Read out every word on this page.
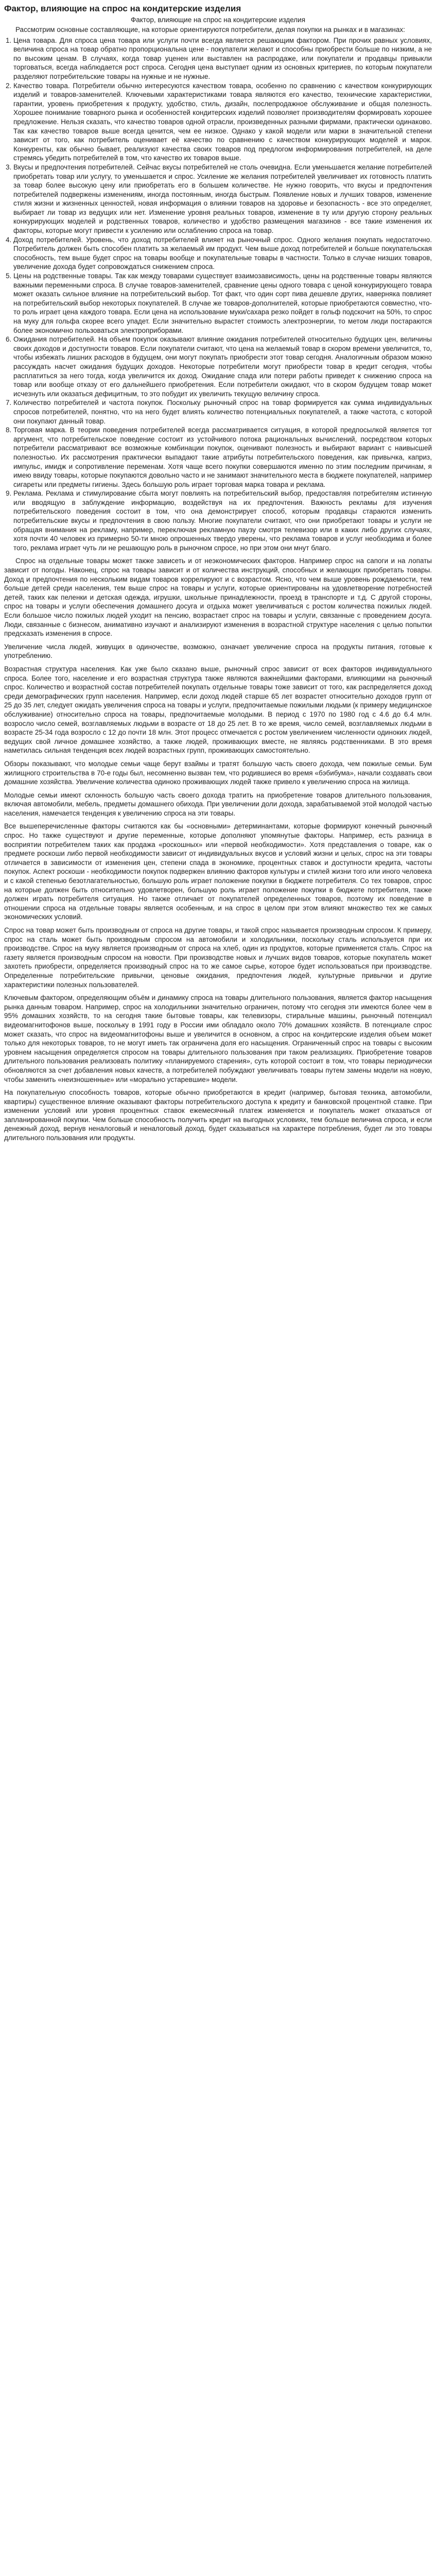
Фактор, влияющие на спрос на кондитерские изделия
Фактор, влияющие на спрос на кондитерские изделия

Рассмотрим основные составляющие, на которые ориентируются потребители, делая покупки на рынках и в магазинах:

1. Цена товара. Для спроса цена товара или услуги почти всегда является решающим фактором. При прочих равных условиях, величина спроса на товар обратно пропорциональна цене - покупатели желают и способны приобрести больше по низким, а не по высоким ценам. В случаях, когда товар уценен или выставлен на распродаже, или покупатели и продавцы привыкли торговаться, всегда наблюдается рост спроса. Сегодня цена выступает одним из основных критериев, по которым покупатели разделяют потребительские товары на нужные и не нужные.
2. Качество товара. Потребители обычно интересуются качеством товара, особенно по сравнению с качеством конкурирующих изделий и товаров-заменителей. Ключевыми характеристиками товара являются его качество, технические характеристики, гарантии, уровень приобретения к продукту, удобство, стиль, дизайн, послепродажное обслуживание и общая полезность. Хорошее понимание товарного рынка и особенностей кондитерских изделий позволяет производителям формировать хорошее предложение. Нельзя сказать, что качество товаров одной отрасли, произведенных разными фирмами, практически одинаково. Так как качество товаров выше всегда ценится, чем ее низкое. Однако у какой модели или марки в значительной степени зависит от того, как потребитель оценивает её качество по сравнению с качеством конкурирующих моделей и марок. Конкуренты, как обычно бывает, реализуют качества своих товаров под предлогом информирования потребителей, на деле стремясь убедить потребителей в том, что качество их товаров выше.
3. Вкусы и предпочтения потребителей. Сейчас вкусы потребителей не столь очевидна. Если уменьшается желание потребителей приобретать товар или услугу, то уменьшается и спрос. Усиление же желания потребителей увеличивает их готовность платить за товар более высокую цену или приобретать его в большем количестве. Не нужно говорить, что вкусы и предпочтения потребителей подвержены изменениям, иногда постоянным, иногда быстрым. Появление новых и лучших товаров, изменение стиля жизни и жизненных ценностей, новая информация о влиянии товаров на здоровье и безопасность - все это определяет, выбирает ли товар из ведущих или нет. Изменение уровня реальных товаров, изменение в ту или другую сторону реальных конкурирующих моделей и родственных товаров, количество и удобство размещения магазинов - все такие изменения их факторы, которые могут привести к усилению или ослаблению спроса на товар.
4. Доход потребителей. Уровень, что доход потребителей влияет на рыночный спрос. Одного желания покупать недостаточно. Потребитель должен быть способен платить за желаемый им продукт. Чем выше доход потребителей и больше покупательская способность, тем выше будет спрос на товары вообще и покупательные товары в частности. Только в случае низших товаров, увеличение дохода будет сопровождаться снижением спроса.
5. Цены на родственные товары. Так как между товарами существует взаимозависимость, цены на родственные товары являются важными переменными спроса. В случае товаров-заменителей, сравнение цены одного товара с ценой конкурирующего товара может оказать сильное влияние на потребительский выбор. Тот факт, что один сорт пива дешевле других, наверняка повлияет на потребительский выбор некоторых покупателей. В случае же товаров-дополнителей, которые приобретаются совместно, что-то роль играет цена каждого товара. Если цена на использование муки/сахара резко пойдет в гольф подскочит на 50%, то спрос на муку для гольфа скорее всего упадет. Если значительно вырастет стоимость электроэнергии, то метом люди постараются более экономично пользоваться электроприборами.
6. Ожидания потребителей. На объем покупок оказывают влияние ожидания потребителей относительно будущих цен, величины своих доходов и доступности товаров. Если покупатели считают, что цена на желаемый товар в скором времени увеличится, то, чтобы избежать лишних расходов в будущем, они могут покупать приобрести этот товар сегодня. Аналогичным образом можно рассуждать насчет ожидания будущих доходов. Некоторые потребители могут приобрести товар в кредит сегодня, чтобы расплатиться за него тогда, когда увеличится их доход. Ожидание спада или потери работы приведет к снижению спроса на товар или вообще отказу от его дальнейшего приобретения. Если потребители ожидают, что в скором будущем товар может исчезнуть или оказаться дефицитным, то это побудит их увеличить текущую величину спроса.
7. Количество потребителей и частота покупок. Поскольку рыночный спрос на товар формируется как сумма индивидуальных спросов потребителей, понятно, что на него будет влиять количество потенциальных покупателей, а также частота, с которой они покупают данный товар.
8. Торговая марка. В теории поведения потребителей всегда рассматривается ситуация, в которой предпосылкой является тот аргумент, что потребительское поведение состоит из устойчивого потока рациональных вычислений, посредством которых потребители рассматривают все возможные комбинации покупок, оценивают полезность и выбирают вариант с наивысшей полезностью. Их рассмотрения практически выпадают такие атрибуты потребительского поведения, как привычка, каприз, импульс, имидж и сопротивление переменам. Хотя чаще всего покупки совершаются именно по этим последним причинам, я имею ввиду товары, которые покупаются довольно часто и не занимают значительного места в бюджете покупателей, например сигареты или предметы гигиены. Здесь большую роль играет торговая марка товара и реклама.
9. Реклама. Реклама и стимулирование сбыта могут повлиять на потребительский выбор, предоставляя потребителям истинную или вводящую в заблуждение информацию, воздействуя на их предпочтения. Важность рекламы для изучения потребительского поведения состоит в том, что она демонстрирует способ, которым продавцы стараются изменить потребительские вкусы и предпочтения в свою пользу. Многие покупатели считают, что они приобретают товары и услуги не обращая внимания на рекламу, например, переключая рекламную паузу смотря телевизор или в каких либо других случаях, хотя почти 40 человек из примерно 50-ти мною опрошенных твердо уверены, что реклама товаров и услуг необходима и более того, реклама играет чуть ли не решающую роль в рыночном спросе, но при этом они мнут благо.

Спрос на отдельные товары может также зависеть и от неэкономических факторов. Например спрос на сапоги и на лопаты зависит от погоды. Наконец, спрос на товары зависит и от количества инструкций, способных и желающих приобретать товары. Доход и предпочтения по нескольким видам товаров коррелируют и с возрастом. Ясно, что чем выше уровень рождаемости, тем больше детей среди населения, тем выше спрос на товары и услуги, которые ориентированы на удовлетворение потребностей детей, таких как пеленки и детская одежда, игрушки, школьные принадлежности, проезд в транспорте и т.д. С другой стороны, спрос на товары и услуги обеспечения домашнего досуга и отдыха может увеличиваться с ростом количества пожилых людей. Если большое число пожилых людей уходит на пенсию, возрастает спрос на товары и услуги, связанные с проведением досуга. Люди, связанные с бизнесом, анимативно изучают и анализируют изменения в возрастной структуре населения с целью попытки предсказать изменения в спросе.

Увеличение числа людей, живущих в одиночестве, возможно, означает увеличение спроса на продукты питания, готовые к употреблению.

Возрастная структура населения. Как уже было сказано выше, рыночный спрос зависит от всех факторов индивидуального спроса. Более того, население и его возрастная структура также являются важнейшими факторами, влияющими на рыночный спрос. Количество и возрастной состав потребителей покупать отдельные товары тоже зависит от того, как распределяется доход среди демографических групп населения. Например, если доход людей старше 65 лет возрастет относительно доходов групп от 25 до 35 лет, следует ожидать увеличения спроса на товары и услуги, предпочитаемые пожилыми людьми (к примеру медицинское обслуживание) относительно спроса на товары, предпочитаемые молодыми. В период с 1970 по 1980 год с 4.6 до 6.4 млн. возросло число семей, возглавляемых людьми в возрасте от 18 до 25 лет. В то же время, число семей, возглавляемых людьми в возрасте 25-34 года возросло с 12 до почти 18 млн. Этот процесс отмечается с ростом увеличением численности одиноких людей, ведущих свой личное домашнее хозяйство, а также людей, проживающих вместе, не являясь родственниками. В это время наметилась сильная тенденция всех людей возрастных групп, проживающих самостоятельно.

Обзоры показывают, что молодые семьи чаще берут взаймы и тратят большую часть своего дохода, чем пожилые семьи. Бум жилищного строительства в 70-е годы был, несомненно вызван тем, что родившиеся во время «бэбибума», начали создавать свои домашние хозяйства. Увеличение количества одиноко проживающих людей также привело к увеличению спроса на жилища.

Молодые семьи имеют склонность большую часть своего дохода тратить на приобретение товаров длительного пользования, включая автомобили, мебель, предметы домашнего обихода. При увеличении доли дохода, зарабатываемой этой молодой частью населения, намечается тенденция к увеличению спроса на эти товары.

Все вышеперечисленные факторы считаются как бы «основными» детерминантами, которые формируют конечный рыночный спрос. Но также существуют и другие переменные, которые дополняют упомянутые факторы. Например, есть разница в восприятии потребителем таких как продажа «роскошных» или «первой необходимости». Хотя представления о товаре, как о предмете роскоши либо первой необходимости зависит от индивидуальных вкусов и условий жизни и целых, спрос на эти товары отличается в зависимости от изменения цен, степени спада в экономике, процентных ставок и доступности кредита, частоты покупок. Аспект роскоши - необходимости покупок подвержен влиянию факторов культуры и стилей жизни того или иного человека и с какой степенью безотлагательностью, большую роль играет положение покупки в бюджете потребителя. Со тех товаров, спрос на которые должен быть относительно удовлетворен, большую роль играет положение покупки в бюджете потребителя, также должен играть потребителя ситуация. Но также отличает от покупателей определенных товаров, поэтому их поведение в отношении спроса на отдельные товары является особенным, и на спрос в целом при этом влияют множество тех же самых экономических условий.

Спрос на товар может быть производным от спроса на другие товары, и такой спрос называется производным спросом. К примеру, спрос на сталь может быть производным спросом на автомобили и холодильники, поскольку сталь используется при их производстве. Спрос на муку является производным от спроса на хлеб, один из продуктов, которые применяется сталь. Спрос на газету является производным спросом на новости. При производстве новых и лучших видов товаров, которые покупатель может захотеть приобрести, определяется производный спрос на то же самое сырье, которое будет использоваться при производстве. Определенные потребительские привычки, ценовые ожидания, предпочтения людей, культурные привычки и другие характеристики полезных пользователей.

Ключевым фактором, определяющим объём и динамику спроса на товары длительного пользования, является фактор насыщения рынка данным товаром. Например, спрос на холодильники значительно ограничен, потому что сегодня эти имеются более чем в 95% домашних хозяйств, то на сегодня такие бытовые товары, как телевизоры, стиральные машины, рыночный потенциал видеомагнитофонов выше, поскольку в 1991 году в России ими обладало около 70% домашних хозяйств. В потенциале спрос может сказать, что спрос на видеомагнитофоны выше и увеличится в основном, а спрос на кондитерские изделия объем может только для некоторых товаров, то не могут иметь так ограничена доля его насыщения. Ограниченный спрос на товары с высоким уровнем насыщения определяется спросом на товары длительного пользования при таком реализациях. Приобретение товаров длительного пользования реализовать политику «планируемого старения», суть которой состоит в том, что товары периодически обновляются за счет добавления новых качеств, а потребителей побуждают увеличивать товары путем замены модели на новую, чтобы заменить «неизношенные» или «морально устаревшие» модели.

На покупательную способность товаров, которые обычно приобретаются в кредит (например, бытовая техника, автомобили, квартиры) существенное влияние оказывают факторы потребительского доступа к кредиту и банковской процентной ставке. При изменении условий или уровня процентных ставок ежемесячный платеж изменяется и покупатель может отказаться от запланированной покупки. Чем больше способность получить кредит на выгодных условиях, тем больше величина спроса, и если денежный доход, вернув неналоговый и неналоговый доход, будет сказываться на характере потребления, будет ли это товары длительного пользования или продукты.
